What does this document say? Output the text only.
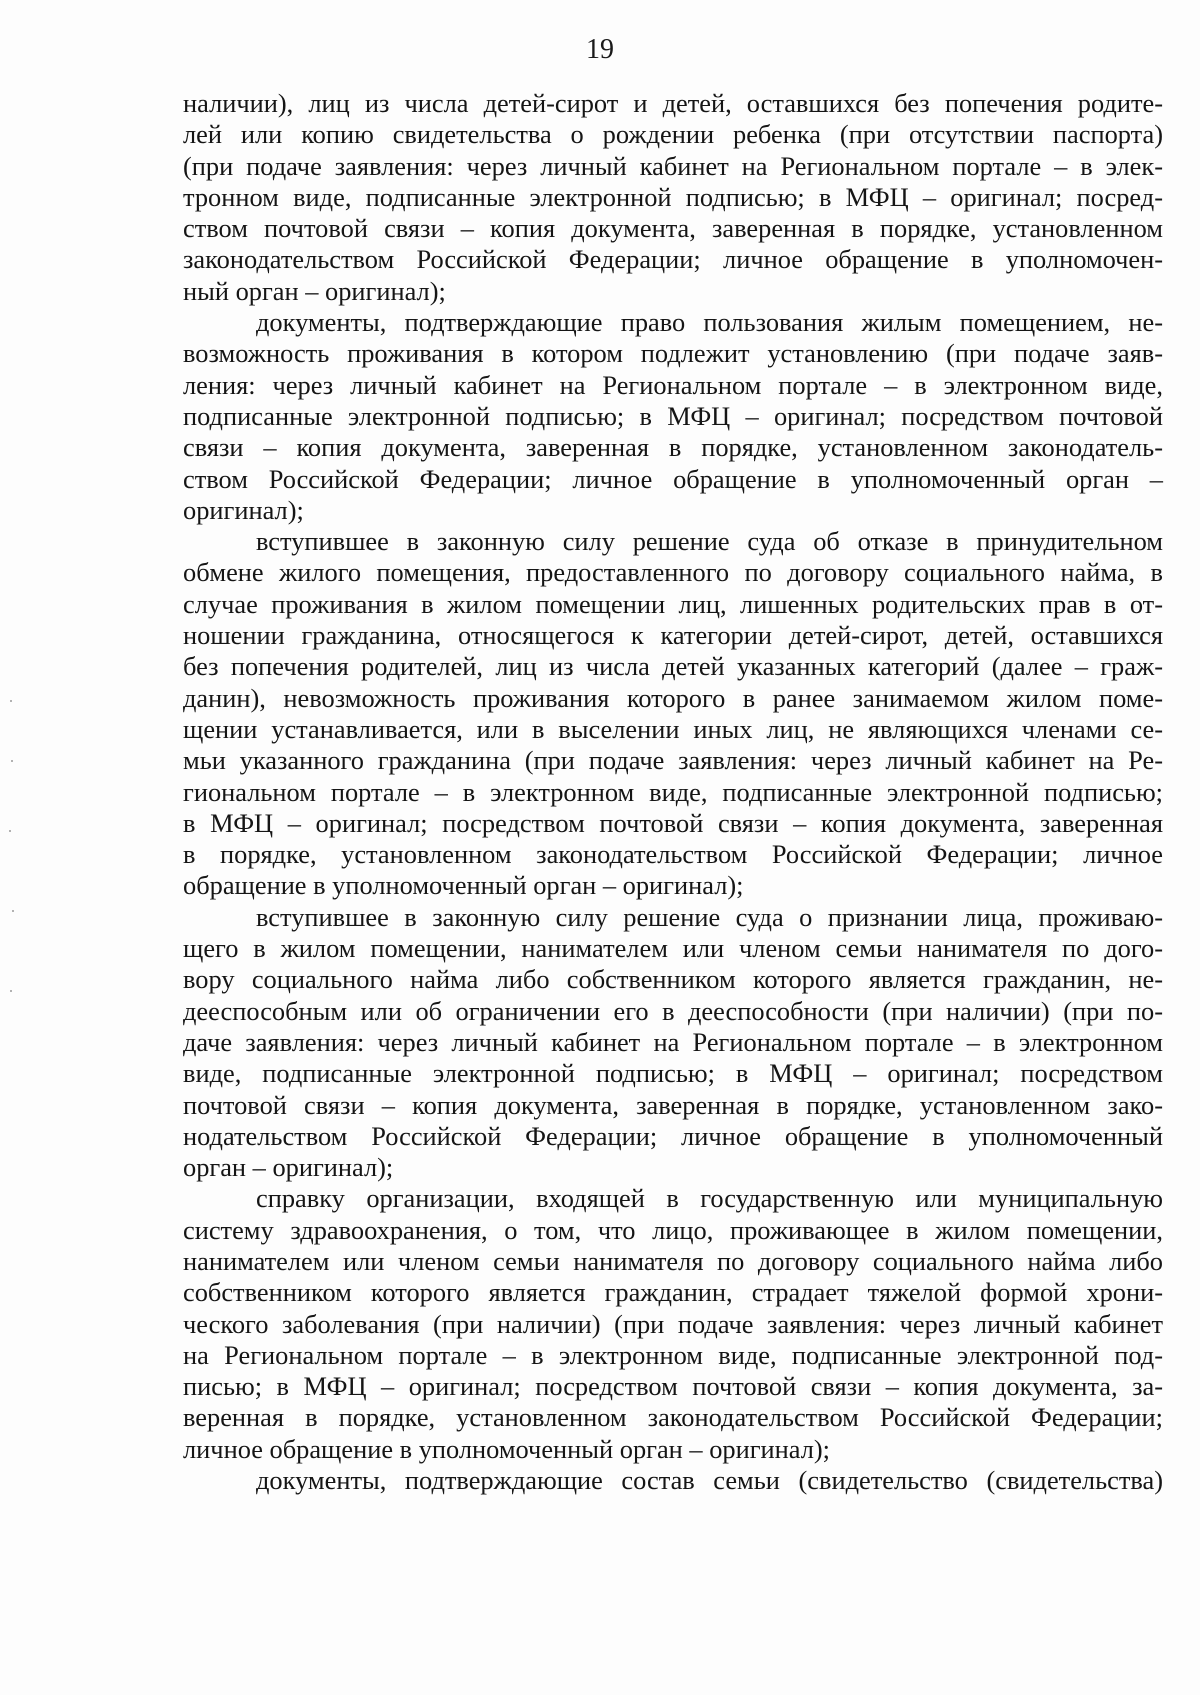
19
наличии), лиц из числа детей-сирот и детей, оставшихся без попечения родите-
лей или копию свидетельства о рождении ребенка (при отсутствии паспорта)
(при подаче заявления: через личный кабинет на Региональном портале – в элек-
тронном виде, подписанные электронной подписью; в МФЦ – оригинал; посред-
ством почтовой связи – копия документа, заверенная в порядке, установленном
законодательством Российской Федерации; личное обращение в уполномочен-
ный орган – оригинал);
документы, подтверждающие право пользования жилым помещением, не-
возможность проживания в котором подлежит установлению (при подаче заяв-
ления: через личный кабинет на Региональном портале – в электронном виде,
подписанные электронной подписью; в МФЦ – оригинал; посредством почтовой
связи – копия документа, заверенная в порядке, установленном законодатель-
ством Российской Федерации; личное обращение в уполномоченный орган –
оригинал);
вступившее в законную силу решение суда об отказе в принудительном
обмене жилого помещения, предоставленного по договору социального найма, в
случае проживания в жилом помещении лиц, лишенных родительских прав в от-
ношении гражданина, относящегося к категории детей-сирот, детей, оставшихся
без попечения родителей, лиц из числа детей указанных категорий (далее – граж-
данин), невозможность проживания которого в ранее занимаемом жилом поме-
щении устанавливается, или в выселении иных лиц, не являющихся членами се-
мьи указанного гражданина (при подаче заявления: через личный кабинет на Ре-
гиональном портале – в электронном виде, подписанные электронной подписью;
в МФЦ – оригинал; посредством почтовой связи – копия документа, заверенная
в порядке, установленном законодательством Российской Федерации; личное
обращение в уполномоченный орган – оригинал);
вступившее в законную силу решение суда о признании лица, проживаю-
щего в жилом помещении, нанимателем или членом семьи нанимателя по дого-
вору социального найма либо собственником которого является гражданин, не-
дееспособным или об ограничении его в дееспособности (при наличии) (при по-
даче заявления: через личный кабинет на Региональном портале – в электронном
виде, подписанные электронной подписью; в МФЦ – оригинал; посредством
почтовой связи – копия документа, заверенная в порядке, установленном зако-
нодательством Российской Федерации; личное обращение в уполномоченный
орган – оригинал);
справку организации, входящей в государственную или муниципальную
систему здравоохранения, о том, что лицо, проживающее в жилом помещении,
нанимателем или членом семьи нанимателя по договору социального найма либо
собственником которого является гражданин, страдает тяжелой формой хрони-
ческого заболевания (при наличии) (при подаче заявления: через личный кабинет
на Региональном портале – в электронном виде, подписанные электронной под-
писью; в МФЦ – оригинал; посредством почтовой связи – копия документа, за-
веренная в порядке, установленном законодательством Российской Федерации;
личное обращение в уполномоченный орган – оригинал);
документы, подтверждающие состав семьи (свидетельство (свидетельства)
